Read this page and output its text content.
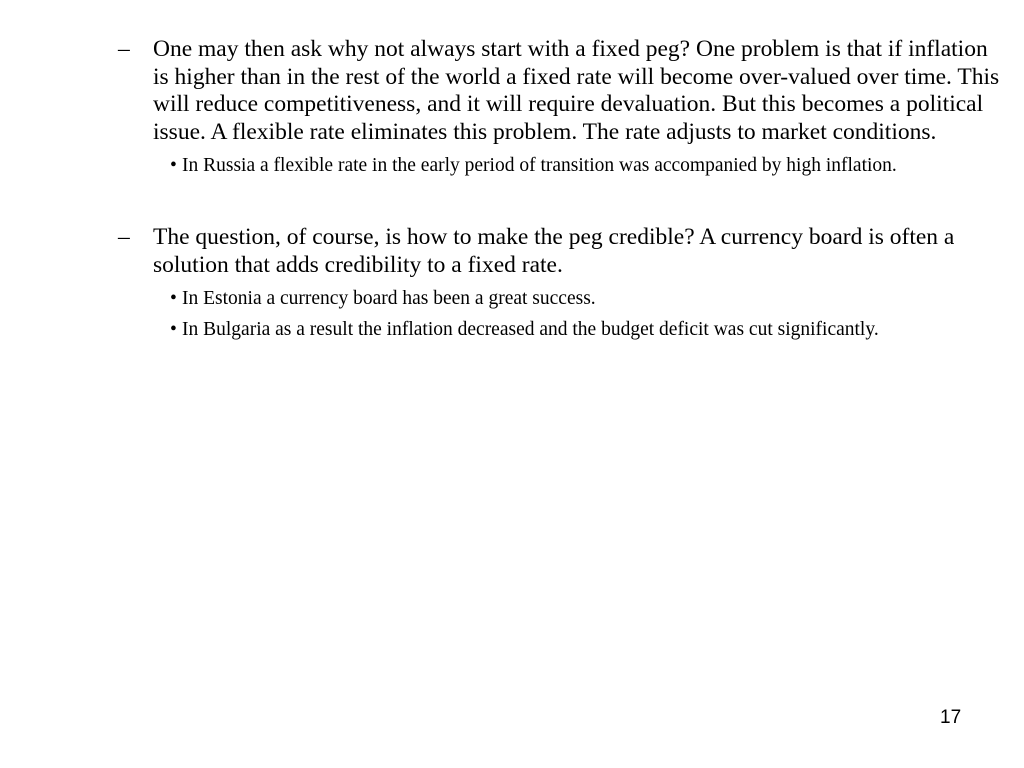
– One may then ask why not always start with a fixed peg? One problem is that if inflation is higher than in the rest of the world a fixed rate will become over-valued over time. This will reduce competitiveness, and it will require devaluation. But this becomes a political issue. A flexible rate eliminates this problem. The rate adjusts to market conditions.
• In Russia a flexible rate in the early period of transition was accompanied by high inflation.
– The question, of course, is how to make the peg credible? A currency board is often a solution that adds credibility to a fixed rate.
• In Estonia a currency board has been a great success.
• In Bulgaria as a result the inflation decreased and the budget deficit was cut significantly.
17
